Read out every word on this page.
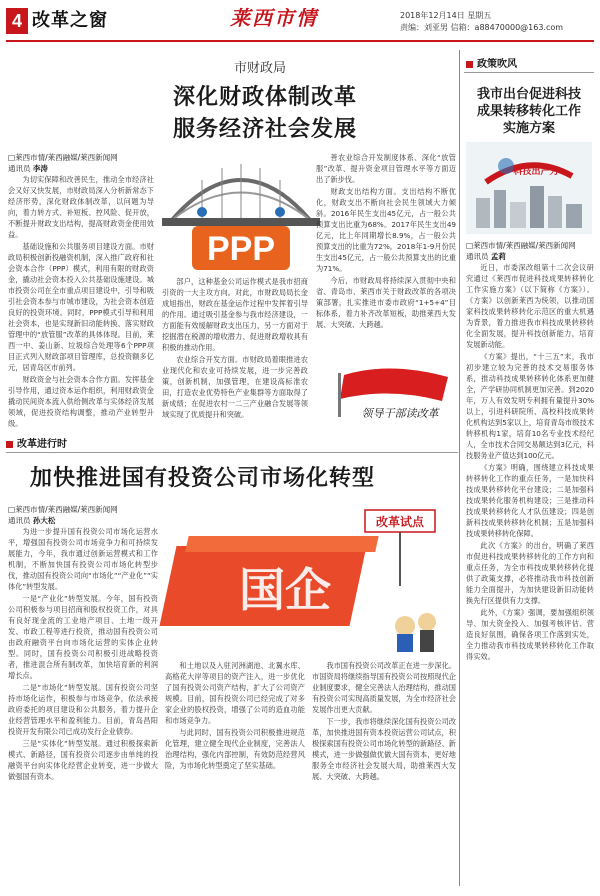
4 改革之窗	莱西市情	2018年12月14日 星期五
责编：刘亚男 信箱：a88470000@163.com
市财政局
深化财政体制改革
服务经济社会发展
□莱西市情/莱西融媒/莱西新闻网
通讯员 李涛

为切实保障和改善民生，推动全市经济社会又好又快发展，市财政局深入分析新常态下经济形势，深化财政体制改革，以问题为导向，着力转方式、补短板、控风险、促开放，不断提升财政支出结构，提高财政资金使用效益。

基础设施和公共服务项目建设方面。市财政局积极创新投融资机制，深入推广政府和社会资本合作（PPP）模式，利用有限的财政资金，撬动社会资本投入公共基础设施建设。城市投资公司在全市重点项目建设中，引导和吸引社会资本参与市城市建设，为社会资本创造良好的投资环境。同时，PPP模式引导和利用社会资本，也是实现新旧动能转换、落实财政管理中的“放管服”改革的具体体现。目前，莱西一中、姜山新、垃圾综合处理等6个PPP项目正式列入财政部项目管理库，总投资额多亿元，居青岛区市前列。

财政资金与社会资本合作方面。发挥基金引导作用，通过资本运作组织，利用财政资金撬动民间资本流入供给侧改革与实体经济发展领域，促进投资结构调整，推动产业转型升级。

PPP

部户，这种基金公司运作模式是我市招商引资的一大主攻方向。对此，市财政局局长金成旭指出，财政在基金运作过程中发挥着引导的作用。通过吸引基金参与我市经济建设，一方面能有效缓解财政支出压力，另一方面对于挖掘潜在税源的增收潜力、促进财政增收具有积极的推动作用。

农业综合开发方面。市财政局着眼推进农业现代化和农业可持续发展，进一步完善政策，创新机制，加强管理，在建设高标准农田，打造农业优势特色产业集群等方面取得了新成绩；在促进农村一二三产业融合发展等领域实现了优质提升和突破。

善农业综合开发制度体系、深化“放管服”改革、提升资金项目管理水平等方面迈出了新步伐。

财政支出结构方面。支出结构不断优化，财政支出不断向社会民生领域大力倾斜。2016年民生支出45亿元，占一般公共预算支出比重为68%。2017年民生支出49亿元，比上年同期增长8.9%，占一般公共预算支出的比重为72%。2018年1-9月份民生支出45亿元，占一般公共预算支出的比重为71%。

今后，市财政局将持续深入贯彻中央和省、青岛市、莱西市关于财政改革的各项决策部署，扎实推进市委市政府“1+5+4”目标体系，着力补齐改革短板，助推莱西大发展、大突破、大跨越。

领导干部读改革
政策吹风
我市出台促进科技
成果转移转化工作
实施方案
科技出产力
□莱西市情/莱西融媒/莱西新闻网
通讯员 孟莉

近日，市委深改组第十二次会议研究通过《莱西市促进科技成果转移转化工作实施方案》（以下简称《方案》）。《方案》以创新莱西为统领，以推动国家科技成果转移转化示范区的重大机遇为背景，着力推进我市科技成果转移转化全面发展，提升科技创新能力，培育发展新动能。

《方案》提出，“十三五”末，我市初步建立较为完善的技术交易服务体系，推动科技成果转移转化体系更加健全，产学研协同机制更加完善。到2020年，万人有效发明专利拥有量提升30%以上，引进科研院所、高校科技成果转化机构达到5家以上，培育青岛市级技术转移机构1家，培育10名专业技术经纪人，全市技术合同交易额达到3亿元，科技服务业产值达到100亿元。

《方案》明确，围绕建立科技成果转移转化工作的重点任务，一是加快科技成果转移转化平台建设；二是加强科技成果转化服务机构建设；三是推动科技成果转移转化人才队伍建设；四是创新科技成果转移转化机制；五是加强科技成果转移转化保障。

此次《方案》的出台，明确了莱西市促进科技成果转移转化的工作方向和重点任务，为全市科技成果转移转化提供了政策支撑，必将推动我市科技创新能力全面提升，为加快建设新旧动能转换先行区提供有力支撑。

此外，《方案》强调，要加强组织领导、加大资金投入、加强考核评估、营造良好氛围，确保各项工作落到实处，全力推动我市科技成果转移转化工作取得实效。

改革进行时
加快推进国有投资公司市场化转型
□莱西市情/莱西融媒/莱西新闻网
通讯员 孙大松

为进一步提升国有投资公司市场化运营水平，增强国有投资公司市场竞争力和可持续发展能力，今年，我市通过创新运营模式和工作机制，不断加快国有投资公司市场化转型步伐，推动国有投资公司向“市场化”“产业化”“实体化”转型发展。

一是“产业化”转型发展。今年，国有投资公司积极参与项目招商和股权投资工作，对具有良好现金流的工业地产项目、土地一级开发、市政工程等进行投资，推动国有投资公司由政府融资平台向市场化运营的实体企业转型。同时，国有投资公司积极引进战略投资者，推进混合所有制改革，加快培育新的利润增长点。

二是“市场化”转型发展。国有投资公司坚持市场化运作，积极参与市场竞争，依法承接政府委托的项目建设和公共服务，着力提升企业经营管理水平和盈利能力。目前，青岛昌阳投资开发有限公司已成功发行企业债券。

三是“实体化”转型发展。通过积极探索新模式、新路径，国有投资公司逐步由单纯的投融资平台向实体化经营企业转变，进一步做大做强国有资本。

国企
改革试点

和土地以及入驻河洲湖池、北翼水库、高格花大岸等项目的资产注入，进一步优化了国有投资公司资产结构，扩大了公司资产规模。目前，国有投资公司已经完成了对多家企业的股权投资，增强了公司的造血功能和市场竞争力。

与此同时，国有投资公司积极推进规范化管理，建立健全现代企业制度，完善法人治理结构，强化内部控制，有效防范经营风险，为市场化转型奠定了坚实基础。

我市国有投资公司改革正在进一步深化。市国资局将继续指导国有投资公司按照现代企业制度要求，健全完善法人治理结构，推动国有投资公司实现高质量发展，为全市经济社会发展作出更大贡献。

下一步，我市将继续深化国有投资公司改革，加快推进国有资本投资运营公司试点，积极探索国有投资公司市场化转型的新路径、新模式，进一步做强做优做大国有资本，更好地服务全市经济社会发展大局，助推莱西大发展、大突破、大跨越。
